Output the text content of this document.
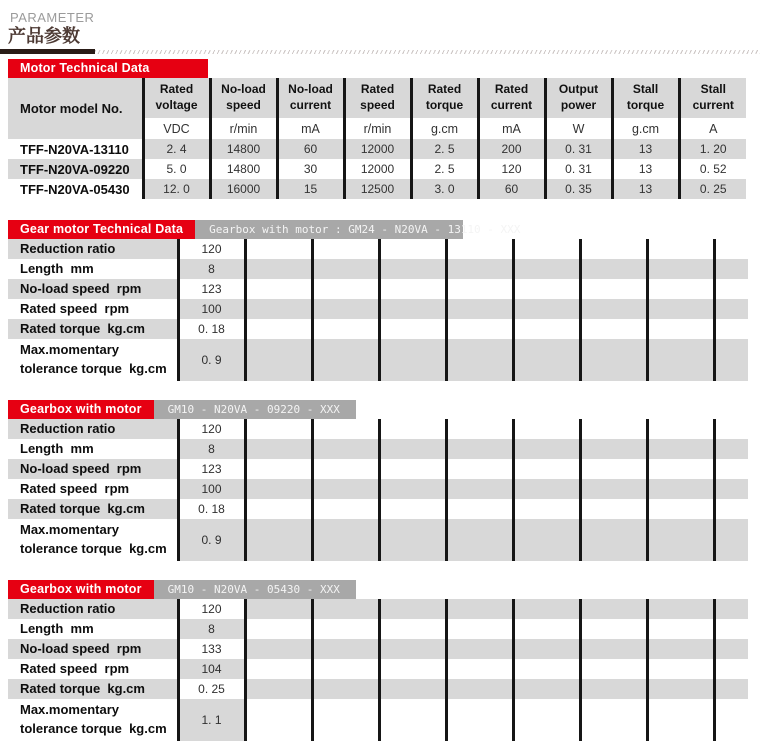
PARAMETER
产品参数
Motor Technical Data
Motor model No.	Rated voltage	No-load speed	No-load current	Rated speed	Rated torque	Rated current	Output power	Stall torque	Stall current
	VDC	r/min	mA	r/min	g.cm	mA	W	g.cm	A
TFF-N20VA-13110	2. 4	14800	60	12000	2. 5	200	0. 31	13	1. 20
TFF-N20VA-09220	5. 0	14800	30	12000	2. 5	120	0. 31	13	0. 52
TFF-N20VA-05430	12. 0	16000	15	12500	3. 0	60	0. 35	13	0. 25
Gear motor Technical Data	Gearbox with motor : GM24 - N20VA - 13110 - XXX
Reduction ratio	120								
Length  mm	8								
No-load speed  rpm	123								
Rated speed  rpm	100								
Rated torque  kg.cm	0. 18								
Max.momentary
tolerance torque  kg.cm	0. 9								
Gearbox with motor	GM10 - N20VA - 09220 - XXX
Reduction ratio	120								
Length  mm	8								
No-load speed  rpm	123								
Rated speed  rpm	100								
Rated torque  kg.cm	0. 18								
Max.momentary
tolerance torque  kg.cm	0. 9								
Gearbox with motor	GM10 - N20VA - 05430 - XXX
Reduction ratio	120								
Length  mm	8								
No-load speed  rpm	133								
Rated speed  rpm	104								
Rated torque  kg.cm	0. 25								
Max.momentary
tolerance torque  kg.cm	1. 1								
